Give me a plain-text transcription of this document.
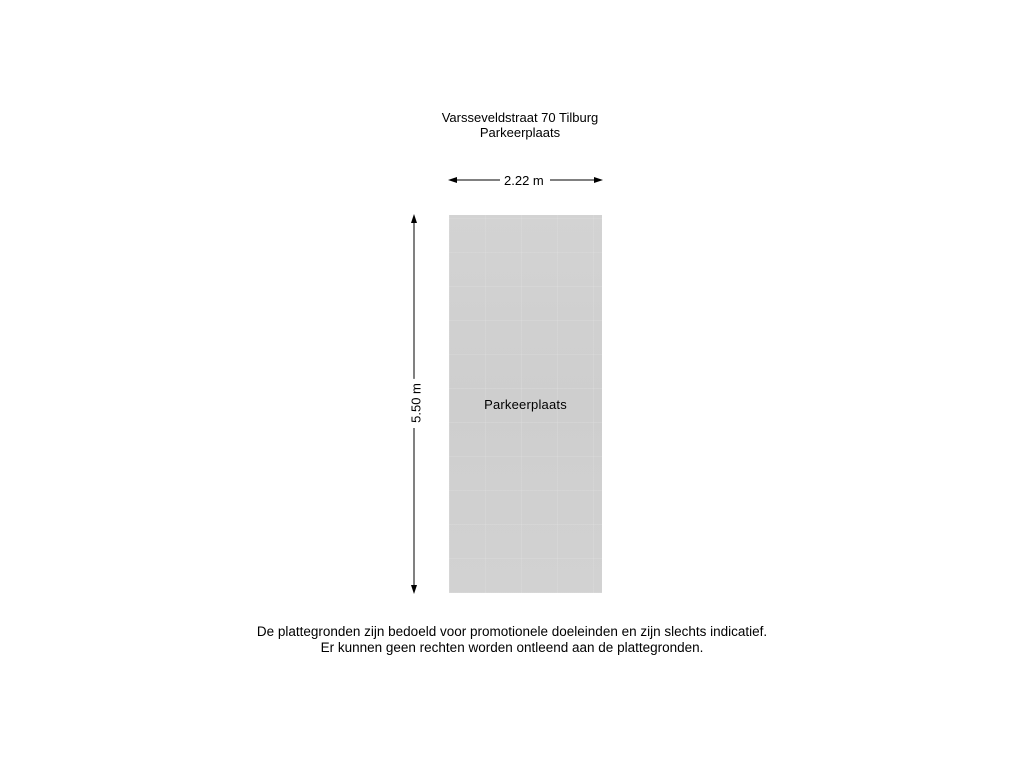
Varsseveldstraat 70 Tilburg
Parkeerplaats
2.22 m
5.50 m	Parkeerplaats
De plattegronden zijn bedoeld voor promotionele doeleinden en zijn slechts indicatief.
Er kunnen geen rechten worden ontleend aan de plattegronden.
